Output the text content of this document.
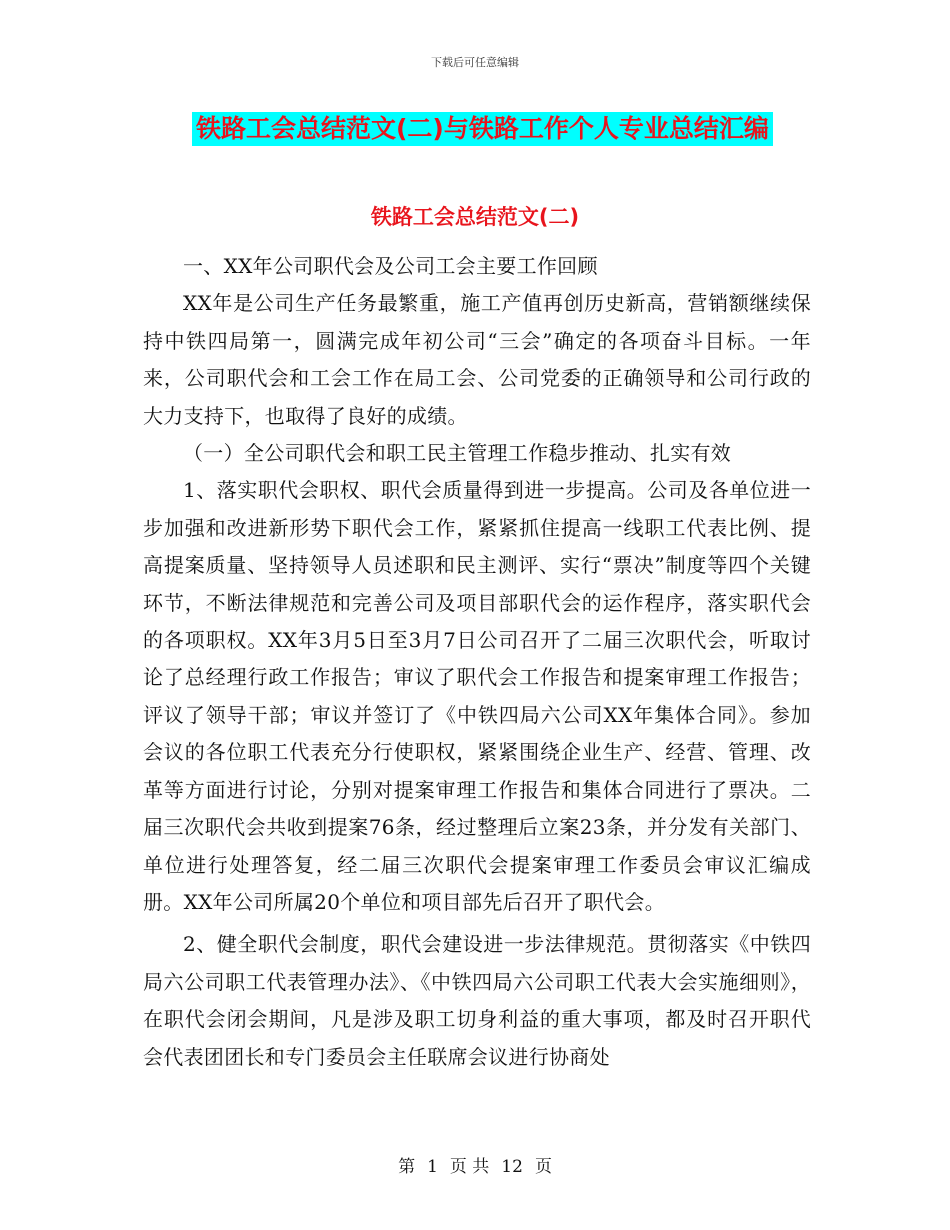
下载后可任意编辑
铁路工会总结范文(二)与铁路工作个人专业总结汇编
铁路工会总结范文(二)

一、XX年公司职代会及公司工会主要工作回顾

XX年是公司生产任务最繁重，施工产值再创历史新高，营销额继续保持中铁四局第一，圆满完成年初公司“三会”确定的各项奋斗目标。一年来，公司职代会和工会工作在局工会、公司党委的正确领导和公司行政的大力支持下，也取得了良好的成绩。

（一）全公司职代会和职工民主管理工作稳步推动、扎实有效

1、落实职代会职权、职代会质量得到进一步提高。公司及各单位进一步加强和改进新形势下职代会工作，紧紧抓住提高一线职工代表比例、提高提案质量、坚持领导人员述职和民主测评、实行“票决”制度等四个关键环节，不断法律规范和完善公司及项目部职代会的运作程序，落实职代会的各项职权。XX年3月5日至3月7日公司召开了二届三次职代会，听取讨论了总经理行政工作报告；审议了职代会工作报告和提案审理工作报告；评议了领导干部；审议并签订了《中铁四局六公司XX年集体合同》。参加会议的各位职工代表充分行使职权，紧紧围绕企业生产、经营、管理、改革等方面进行讨论，分别对提案审理工作报告和集体合同进行了票决。二届三次职代会共收到提案76条，经过整理后立案23条，并分发有关部门、单位进行处理答复，经二届三次职代会提案审理工作委员会审议汇编成册。XX年公司所属20个单位和项目部先后召开了职代会。

2、健全职代会制度，职代会建设进一步法律规范。贯彻落实《中铁四局六公司职工代表管理办法》、《中铁四局六公司职工代表大会实施细则》，在职代会闭会期间，凡是涉及职工切身利益的重大事项，都及时召开职代会代表团团长和专门委员会主任联席会议进行协商处

第 1 页 共 12 页
